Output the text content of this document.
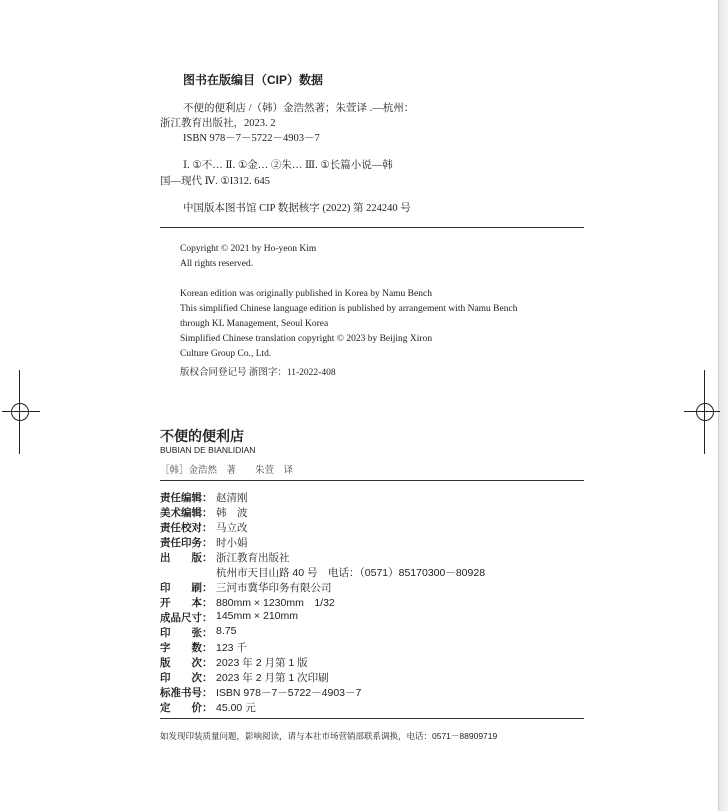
图书在版编目（CIP）数据
不便的便利店 /（韩）金浩然著；朱萱译 .—杭州：
浙江教育出版社，2023. 2
ISBN 978－7－5722－4903－7
Ⅰ. ①不… Ⅱ. ①金… ②朱… Ⅲ. ①长篇小说—韩
国—现代 Ⅳ. ①I312. 645
中国版本图书馆 CIP 数据核字 (2022) 第 224240 号
Copyright © 2021 by Ho-yeon Kim
All rights reserved.
Korean edition was originally published in Korea by Namu Bench
This simplified Chinese language edition is published by arrangement with Namu Bench
through KL Management, Seoul Korea
Simplified Chinese translation copyright © 2023 by Beijing Xiron
Culture Group Co., Ltd.
版权合同登记号 浙图字：11-2022-408
不便的便利店
BUBIAN DE BIANLIDIAN
［韩］金浩然　著　　朱萱　译
责任编辑： 赵清刚
美术编辑： 韩　波
责任校对： 马立改
责任印务： 时小娟
出　　版： 浙江教育出版社
杭州市天目山路 40 号　电话：（0571）85170300－80928
印　　刷： 三河市冀华印务有限公司
开　　本： 880mm × 1230mm　1/32
成品尺寸： 145mm × 210mm
印　　张： 8.75
字　　数： 123 千
版　　次： 2023 年 2 月第 1 版
印　　次： 2023 年 2 月第 1 次印刷
标准书号： ISBN 978－7－5722－4903－7
定　　价： 45.00 元
如发现印装质量问题，影响阅读，请与本社市场营销部联系调换，电话：0571－88909719
